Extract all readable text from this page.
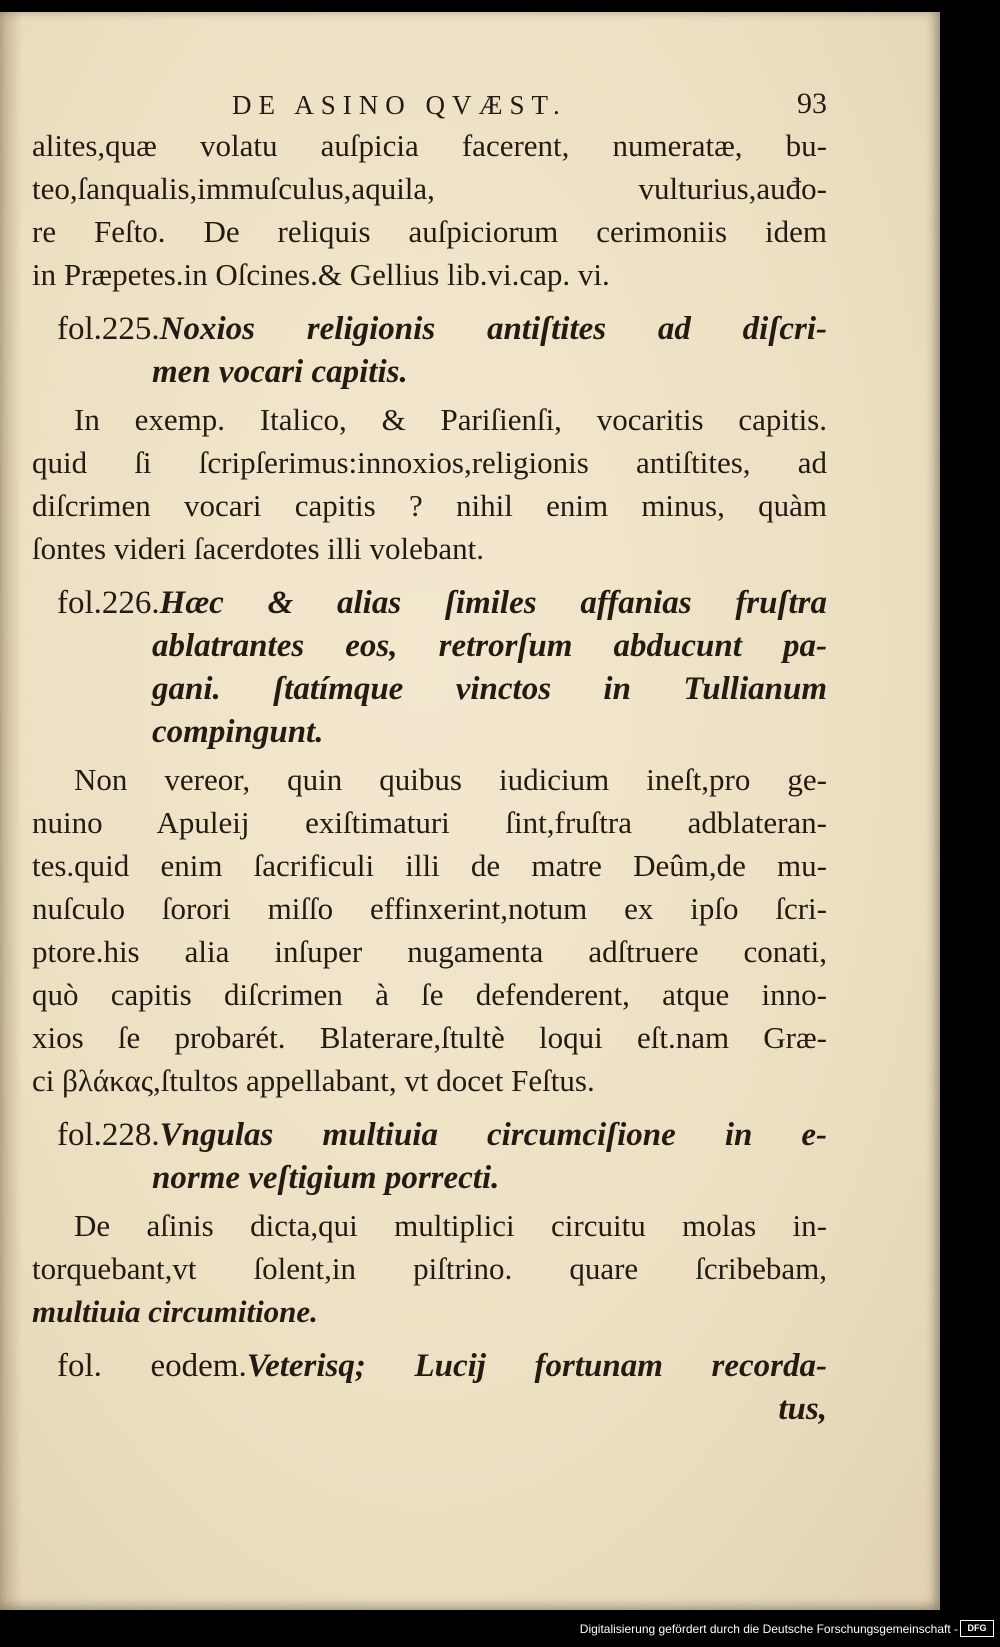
DE ASINO QVÆST.	93
alites,quæ volatu auſpicia facerent, numeratæ, bu-
teo,ſanqualis,immuſculus,aquila, vulturius,auđo-
re Feſto. De reliquis auſpiciorum cerimoniis idem
in Præpetes.in Oſcines.& Gellius lib.vi.cap. vi.
fol.225.Noxios religionis antiſtites ad diſcri-
men vocari capitis.
In exemp. Italico, & Pariſienſi, vocaritis capitis.
quid ſi ſcripſerimus:innoxios,religionis antiſtites, ad
diſcrimen vocari capitis ? nihil enim minus, quàm
ſontes videri ſacerdotes illi volebant.
fol.226.Hæc & alias ſimiles affanias fruſtra
ablatrantes eos, retrorſum abducunt pa-
gani. ſtatímque vinctos in Tullianum
compingunt.
Non vereor, quin quibus iudicium ineſt,pro ge-
nuino Apuleij exiſtimaturi ſint,fruſtra adblateran-
tes.quid enim ſacrificuli illi de matre Deûm,de mu-
nuſculo ſorori miſſo effinxerint,notum ex ipſo ſcri-
ptore.his alia inſuper nugamenta adſtruere conati,
quò capitis diſcrimen à ſe defenderent, atque inno-
xios ſe probarét. Blaterare,ſtultè loqui eſt.nam Græ-
ci βλάκας,ſtultos appellabant, vt docet Feſtus.
fol.228.Vngulas multiuia circumciſione in e-
norme veſtigium porrecti.
De aſinis dicta,qui multiplici circuitu molas in-
torquebant,vt ſolent,in piſtrino. quare ſcribebam,
multiuia circumitione.
fol. eodem.Veterisq; Lucij fortunam recorda-
tus,
Digitalisierung gefördert durch die Deutsche Forschungsgemeinschaft -	DFG
